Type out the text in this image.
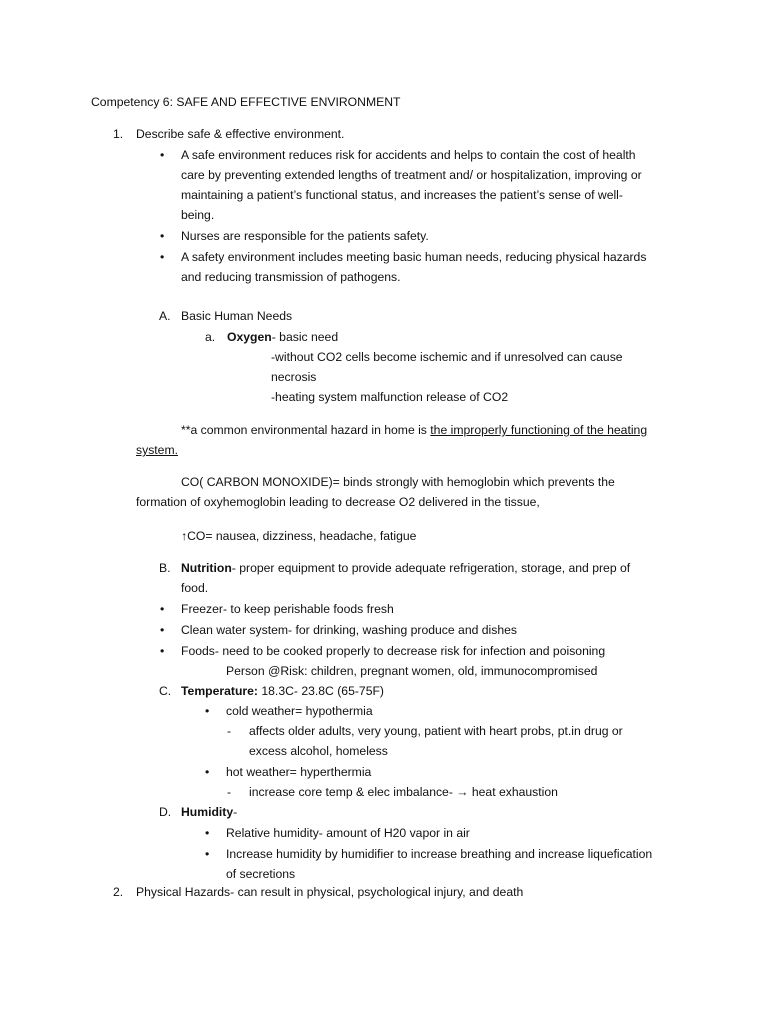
Competency 6: SAFE AND EFFECTIVE ENVIRONMENT
1. Describe safe & effective environment.
• A safe environment reduces risk for accidents and helps to contain the cost of health
care by preventing extended lengths of treatment and/ or hospitalization, improving or
maintaining a patient’s functional status, and increases the patient’s sense of well-
being.
• Nurses are responsible for the patients safety.
• A safety environment includes meeting basic human needs, reducing physical hazards
and reducing transmission of pathogens.
A. Basic Human Needs
a. Oxygen- basic need
-without CO2 cells become ischemic and if unresolved can cause
necrosis
-heating system malfunction release of CO2
**a common environmental hazard in home is the improperly functioning of the heating
system.
CO( CARBON MONOXIDE)= binds strongly with hemoglobin which prevents the
formation of oxyhemoglobin leading to decrease O2 delivered in the tissue,
↑CO= nausea, dizziness, headache, fatigue
B. Nutrition- proper equipment to provide adequate refrigeration, storage, and prep of
food.
• Freezer- to keep perishable foods fresh
• Clean water system- for drinking, washing produce and dishes
• Foods- need to be cooked properly to decrease risk for infection and poisoning
Person @Risk: children, pregnant women, old, immunocompromised
C. Temperature: 18.3C- 23.8C (65-75F)
• cold weather= hypothermia
- affects older adults, very young, patient with heart probs, pt.in drug or
excess alcohol, homeless
• hot weather= hyperthermia
- increase core temp & elec imbalance- → heat exhaustion
D. Humidity-
• Relative humidity- amount of H20 vapor in air
• Increase humidity by humidifier to increase breathing and increase liquefication
of secretions
2. Physical Hazards- can result in physical, psychological injury, and death
